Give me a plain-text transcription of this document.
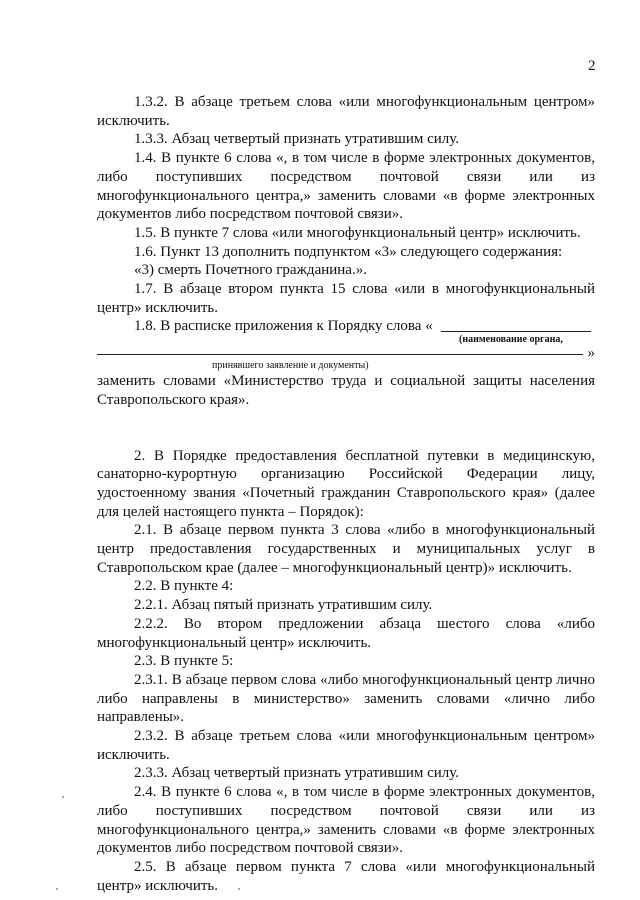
2

1.3.2. В абзаце третьем слова «или многофункциональным центром» исключить.

1.3.3. Абзац четвертый признать утратившим силу.

1.4. В пункте 6 слова «, в том числе в форме электронных документов, либо поступивших посредством почтовой связи или из многофункционального центра,» заменить словами «в форме электронных документов либо посредством почтовой связи».

1.5. В пункте 7 слова «или многофункциональный центр» исключить.

1.6. Пункт 13 дополнить подпунктом «3» следующего содержания:

«3) смерть Почетного гражданина.».

1.7. В абзаце втором пункта 15 слова «или в многофункциональный центр» исключить.

1.8. В расписке приложения к Порядку слова «
(наименование органа,
»
принявшего заявление и документы)

заменить словами «Министерство труда и социальной защиты населения Ставропольского края».

2. В Порядке предоставления бесплатной путевки в медицинскую, санаторно-курортную организацию Российской Федерации лицу, удостоенному звания «Почетный гражданин Ставропольского края» (далее для целей настоящего пункта – Порядок):

2.1. В абзаце первом пункта 3 слова «либо в многофункциональный центр предоставления государственных и муниципальных услуг в Ставропольском крае (далее – многофункциональный центр)» исключить.

2.2. В пункте 4:

2.2.1. Абзац пятый признать утратившим силу.

2.2.2. Во втором предложении абзаца шестого слова «либо многофункциональный центр» исключить.

2.3. В пункте 5:

2.3.1. В абзаце первом слова «либо многофункциональный центр лично либо направлены в министерство» заменить словами «лично либо направлены».

2.3.2. В абзаце третьем слова «или многофункциональным центром» исключить.

2.3.3. Абзац четвертый признать утратившим силу.

2.4. В пункте 6 слова «, в том числе в форме электронных документов, либо поступивших посредством почтовой связи или из многофункционального центра,» заменить словами «в форме электронных документов либо посредством почтовой связи».

2.5. В абзаце первом пункта 7 слова «или многофункциональный центр» исключить.
